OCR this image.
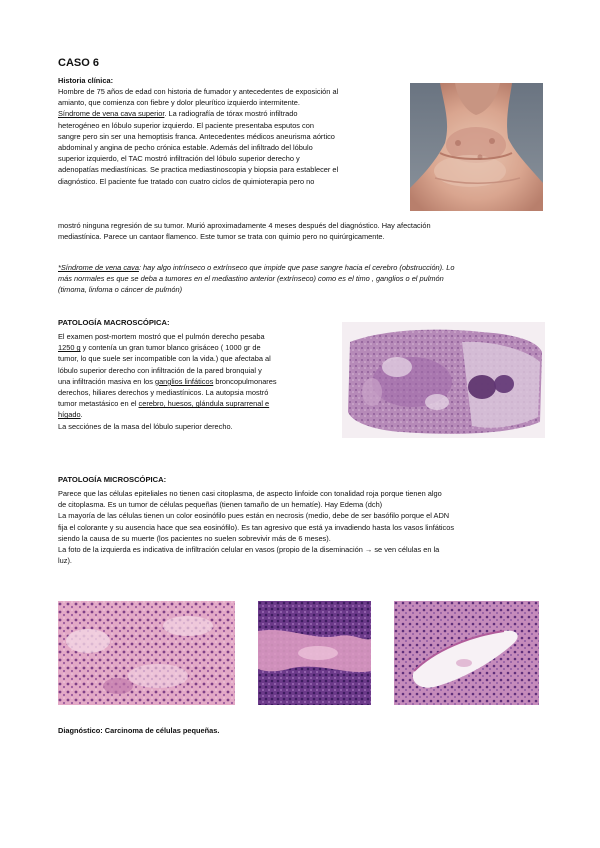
CASO 6
Historia clínica:
Hombre de 75 años de edad con historia de fumador y antecedentes de exposición al
amianto, que comienza con fiebre y dolor pleurítico izquierdo intermitente.
Síndrome de vena cava superior. La radiografía de tórax mostró infiltrado
heterogéneo en lóbulo superior izquierdo. El paciente presentaba esputos con
sangre pero sin ser una hemoptisis franca. Antecedentes médicos aneurisma aórtico
abdominal y angina de pecho crónica estable. Además del infiltrado del lóbulo
superior izquierdo, el TAC mostró infiltración del lóbulo superior derecho y
adenopatías mediastínicas. Se practica mediastinoscopia y biopsia para establecer el
diagnóstico. El paciente fue tratado con cuatro ciclos de quimioterapia pero no
mostró ninguna regresión de su tumor. Murió aproximadamente 4 meses después del diagnóstico. Hay afectación
mediastínica. Parece un cantaor flamenco. Este tumor se trata con quimio pero no quirúrgicamente.
*Síndrome de vena cava: hay algo intrínseco o extrínseco que impide que pase sangre hacia el cerebro (obstrucción). Lo
más normales es que se deba a tumores en el mediastino anterior (extrínseco) como es el timo , ganglios o el pulmón
(timoma, linfoma o cáncer de pulmón)
PATOLOGÍA MACROSCÓPICA:
El examen post-mortem mostró que el pulmón derecho pesaba
1250 g y contenía un gran tumor blanco grisáceo ( 1000 gr de
tumor, lo que suele ser incompatible con la vida.) que afectaba al
lóbulo superior derecho con infiltración de la pared bronquial y
una infiltración masiva en los ganglios linfáticos broncopulmonares
derechos, hiliares derechos y mediastínicos. La autopsia mostró
tumor metastásico en el cerebro, huesos, glándula suprarrenal e
hígado.
La secciónes de la masa del lóbulo superior derecho.
PATOLOGÍA MICROSCÓPICA:
Parece que las células epiteliales no tienen casi citoplasma, de aspecto linfoide con tonalidad roja porque tienen algo
de citoplasma. Es un tumor de células pequeñas (tienen tamaño de un hematíe). Hay Edema (dch)
La mayoría de las células tienen un color eosinófilo pues están en necrosis (medio, debe de ser basófilo porque el ADN
fija el colorante y su ausencia hace que sea eosinófilo). Es tan agresivo que está ya invadiendo hasta los vasos linfáticos
siendo la causa de su muerte (los pacientes no suelen sobrevivir más de 6 meses).
La foto de la izquierda es indicativa de infiltración celular en vasos (propio de la diseminación → se ven células en la
luz).
Diagnóstico: Carcinoma de células pequeñas.
